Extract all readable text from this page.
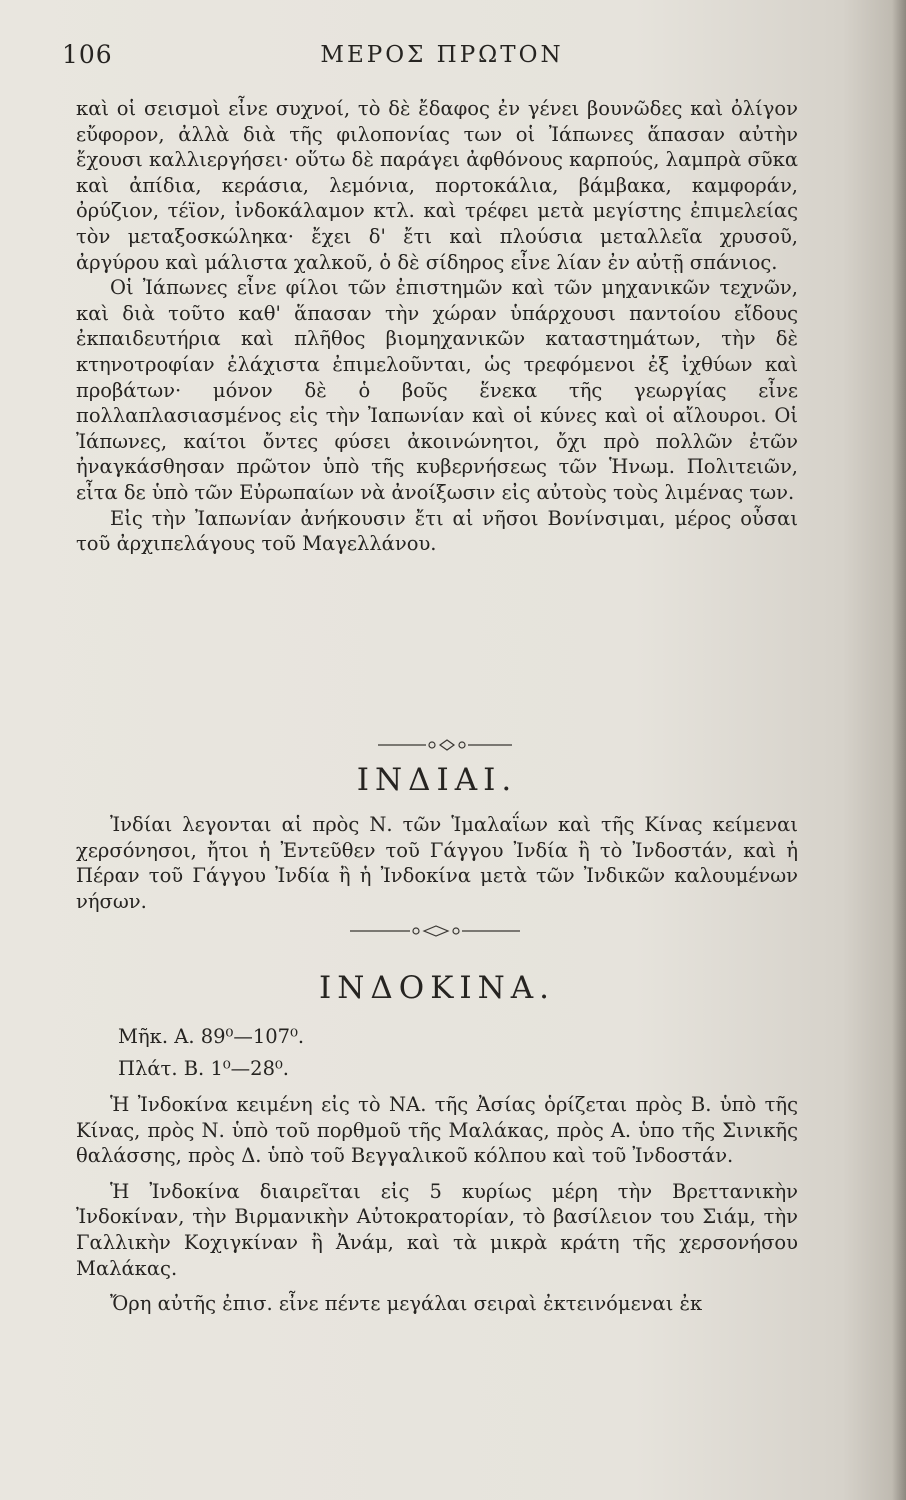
106	ΜΕΡΟΣ ΠΡΩΤΟΝ

καὶ οἱ σεισμοὶ εἶνε συχνοί, τὸ δὲ ἔδαφος ἐν γένει βουνῶδες καὶ ὀλίγον εὔφορον, ἀλλὰ διὰ τῆς φιλοπονίας των οἱ Ἰάπωνες ἅπασαν αὐτὴν ἔχουσι καλλιεργήσει· οὕτω δὲ παράγει ἀφθόνους καρπούς, λαμπρὰ σῦκα καὶ ἀπίδια, κεράσια, λεμόνια, πορτοκάλια, βάμβακα, καμφοράν, ὀρύζιον, τέϊον, ἰνδοκάλαμον κτλ. καὶ τρέφει μετὰ μεγίστης ἐπιμελείας τὸν μεταξοσκώληκα· ἔχει δ' ἔτι καὶ πλούσια μεταλλεῖα χρυσοῦ, ἀργύρου καὶ μάλιστα χαλκοῦ, ὁ δὲ σίδηρος εἶνε λίαν ἐν αὐτῇ σπάνιος.

Οἱ Ἰάπωνες εἶνε φίλοι τῶν ἐπιστημῶν καὶ τῶν μηχανικῶν τεχνῶν, καὶ διὰ τοῦτο καθ' ἅπασαν τὴν χώραν ὑπάρχουσι παντοίου εἴδους ἐκπαιδευτήρια καὶ πλῆθος βιομηχανικῶν καταστημάτων, τὴν δὲ κτηνοτροφίαν ἐλάχιστα ἐπιμελοῦνται, ὡς τρεφόμενοι ἐξ ἰχθύων καὶ προβάτων· μόνον δὲ ὁ βοῦς ἕνεκα τῆς γεωργίας εἶνε πολλαπλασιασμένος εἰς τὴν Ἰαπωνίαν καὶ οἱ κύνες καὶ οἱ αἴλουροι. Οἱ Ἰάπωνες, καίτοι ὄντες φύσει ἀκοινώνητοι, ὄχι πρὸ πολλῶν ἐτῶν ἠναγκάσθησαν πρῶτον ὑπὸ τῆς κυβερνήσεως τῶν Ἡνωμ. Πολιτειῶν, εἶτα δε ὑπὸ τῶν Εὐρωπαίων νὰ ἀνοίξωσιν εἰς αὐτοὺς τοὺς λιμένας των.

Εἰς τὴν Ἰαπωνίαν ἀνήκουσιν ἔτι αἱ νῆσοι Βονίνσιμαι, μέρος οὖσαι τοῦ ἀρχιπελάγους τοῦ Μαγελλάνου.

ΙΝΔΙΑΙ.

Ἰνδίαι λεγονται αἱ πρὸς Ν. τῶν Ἱμαλαΐων καὶ τῆς Κίνας κείμεναι χερσόνησοι, ἤτοι ἡ Ἐντεῦθεν τοῦ Γάγγου Ἰνδία ἢ τὸ Ἰνδοστάν, καὶ ἡ Πέραν τοῦ Γάγγου Ἰνδία ἢ ἡ Ἰνδοκίνα μετὰ τῶν Ἰνδικῶν καλουμένων νήσων.

ΙΝΔΟΚΙΝΑ.
Μῆκ. Α. 89⁰—107⁰.
Πλάτ. Β. 1⁰—28⁰.

Ἡ Ἰνδοκίνα κειμένη εἰς τὸ ΝΑ. τῆς Ἀσίας ὁρίζεται πρὸς Β. ὑπὸ τῆς Κίνας, πρὸς Ν. ὑπὸ τοῦ πορθμοῦ τῆς Μαλάκας, πρὸς Α. ὑπο τῆς Σινικῆς θαλάσσης, πρὸς Δ. ὑπὸ τοῦ Βεγγαλικοῦ κόλπου καὶ τοῦ Ἰνδοστάν.

Ἡ Ἰνδοκίνα διαιρεῖται εἰς 5 κυρίως μέρη τὴν Βρεττανικὴν Ἰνδοκίναν, τὴν Βιρμανικὴν Αὐτοκρατορίαν, τὸ βασίλειον του Σιάμ, τὴν Γαλλικὴν Κοχιγκίναν ἢ Ἀνάμ, καὶ τὰ μικρὰ κράτη τῆς χερσονήσου Μαλάκας.

Ὄρη αὐτῆς ἐπισ. εἶνε πέντε μεγάλαι σειραὶ ἐκτεινόμεναι ἐκ
